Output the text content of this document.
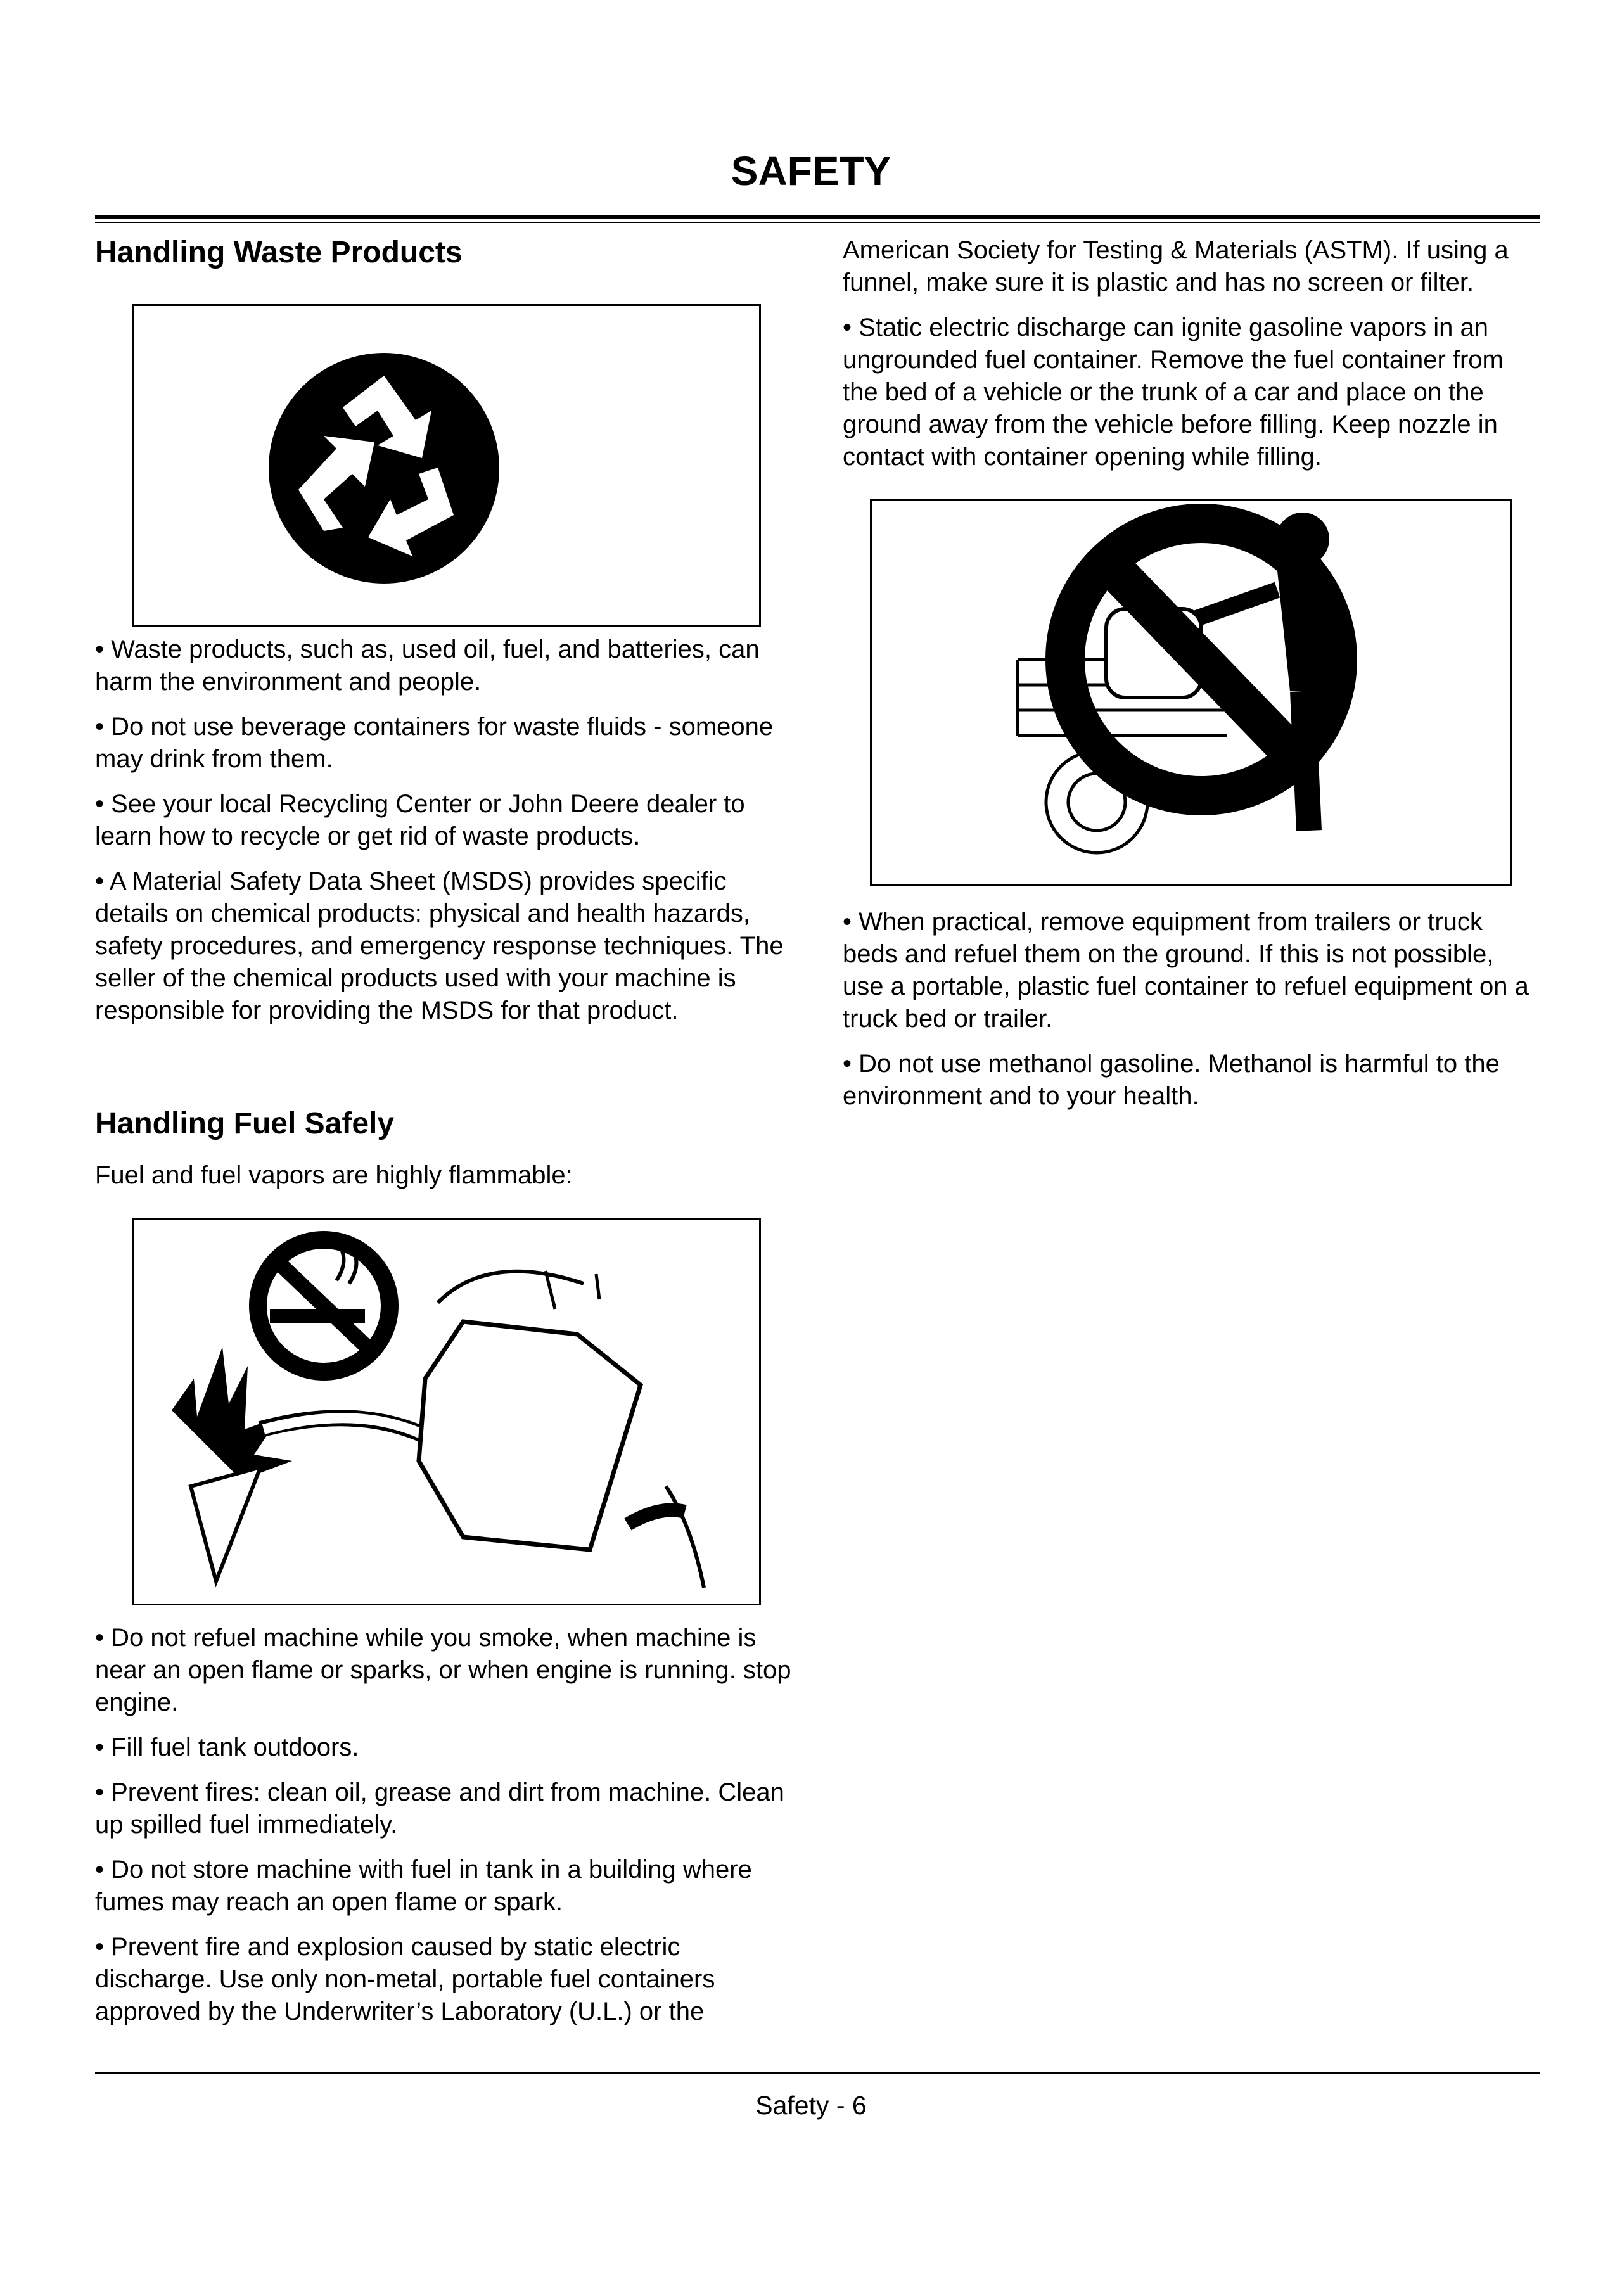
SAFETY
Handling Waste Products

• Waste products, such as, used oil, fuel, and batteries, can harm the environment and people.

• Do not use beverage containers for waste fluids - someone may drink from them.

• See your local Recycling Center or John Deere dealer to learn how to recycle or get rid of waste products.

• A Material Safety Data Sheet (MSDS) provides specific details on chemical products: physical and health hazards, safety procedures, and emergency response techniques. The seller of the chemical products used with your machine is responsible for providing the MSDS for that product.

Handling Fuel Safely

Fuel and fuel vapors are highly flammable:

• Do not refuel machine while you smoke, when machine is near an open flame or sparks, or when engine is running. stop engine.

• Fill fuel tank outdoors.

• Prevent fires: clean oil, grease and dirt from machine. Clean up spilled fuel immediately.

• Do not store machine with fuel in tank in a building where fumes may reach an open flame or spark.

• Prevent fire and explosion caused by static electric discharge. Use only non-metal, portable fuel containers approved by the Underwriter’s Laboratory (U.L.) or the

American Society for Testing & Materials (ASTM). If using a funnel, make sure it is plastic and has no screen or filter.

• Static electric discharge can ignite gasoline vapors in an ungrounded fuel container. Remove the fuel container from the bed of a vehicle or the trunk of a car and place on the ground away from the vehicle before filling. Keep nozzle in contact with container opening while filling.

• When practical, remove equipment from trailers or truck beds and refuel them on the ground. If this is not possible, use a portable, plastic fuel container to refuel equipment on a truck bed or trailer.

• Do not use methanol gasoline. Methanol is harmful to the environment and to your health.

Safety - 6
